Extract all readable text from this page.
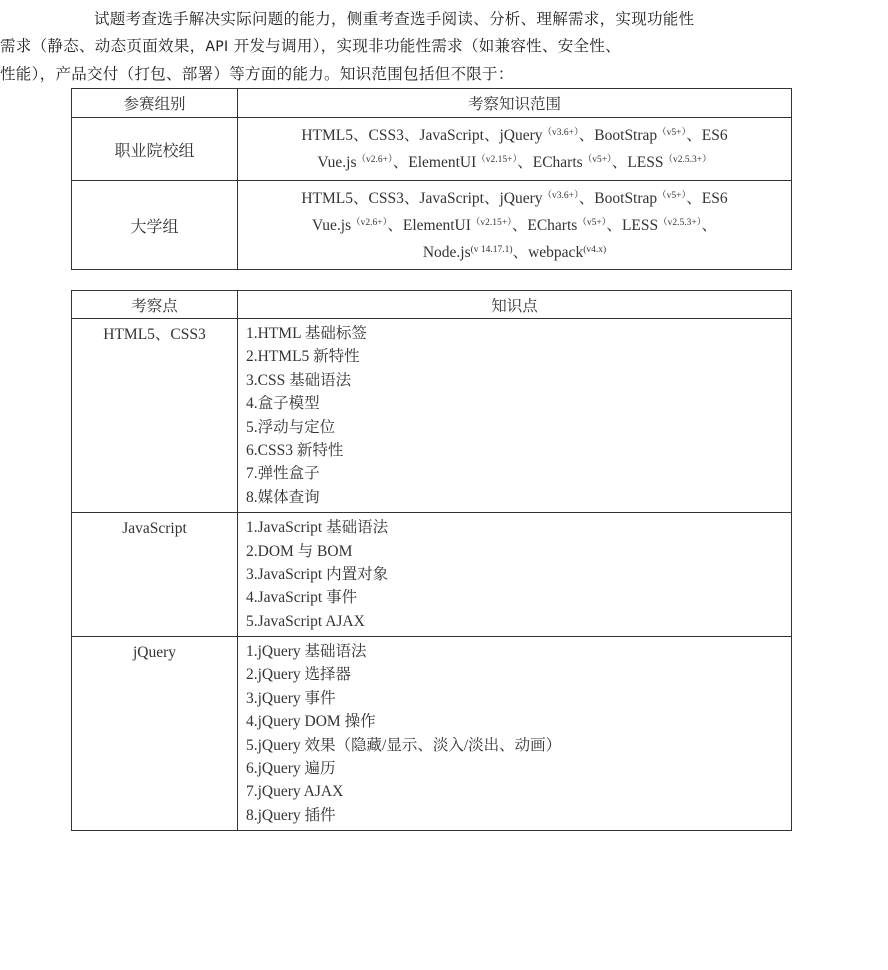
试题考查选手解决实际问题的能力，侧重考查选手阅读、分析、理解需求，实现功能性

需求（静态、动态页面效果，API 开发与调用），实现非功能性需求（如兼容性、安全性、

性能），产品交付（打包、部署）等方面的能力。知识范围包括但不限于：

参赛组别	考察知识范围
职业院校组	HTML5、CSS3、JavaScript、jQuery$^{(v3.6+)}$、BootStrap$^{(v5+)}$、ES6
$Vue.js^{(v2.6+)}$、ElementUI$^{(v2.15+)}$、ECharts$^{(v5+)}$、$LESS^{(v2.5.3+)}$
大学组	HTML5、CSS3、JavaScript、jQuery$^{(v3.6+)}$、BootStrap$^{(v5+)}$、ES6
$Vue.js^{(v2.6+)}$、ElementUI$^{(v2.15+)}$、ECharts$^{(v5+)}$、$LESS^{(v2.5.3+)}$、
$Node.js^{(v 14.17.1)}$、webpack$^{(v4.x)}$
考察点	知识点
HTML5、CSS3	1.HTML 基础标签
2.HTML5 新特性
3.CSS 基础语法
4.盒子模型
5.浮动与定位
6.CSS3 新特性
7.弹性盒子
8.媒体查询

JavaScript	1.JavaScript 基础语法
2.DOM 与 BOM
3.JavaScript 内置对象
4.JavaScript 事件
5.JavaScript AJAX

jQuery	1.jQuery 基础语法
2.jQuery 选择器
3.jQuery 事件
4.jQuery DOM 操作
5.jQuery 效果（隐藏/显示、淡入/淡出、动画）
6.jQuery 遍历
7.jQuery AJAX
8.jQuery 插件
